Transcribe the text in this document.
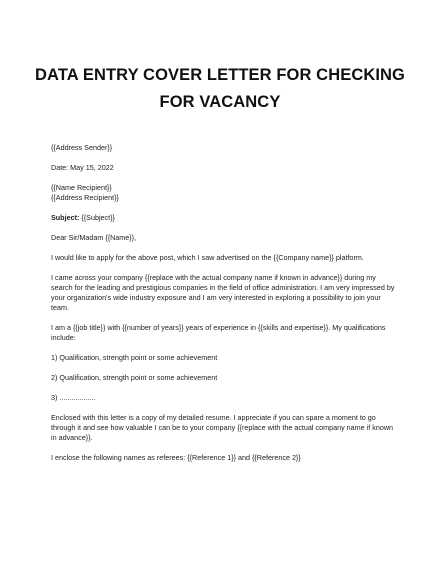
DATA ENTRY COVER LETTER FOR CHECKING FOR VACANCY

{{Address Sender}}

Date: May 15, 2022

{{Name Recipient}}
{{Address Recipient}}

Subject: {{Subject}}

Dear Sir/Madam {{Name}},

I would like to apply for the above post, which I saw advertised on the {{Company name}} platform.

I came across your company {{replace with the actual company name if known in advance}} during my search for the leading and prestigious companies in the field of office administration. I am very impressed by your organization's wide industry exposure and I am very interested in exploring a possibility to join your team.

I am a {{job title}} with {{number of years}} years of experience in {{skills and expertise}}. My qualifications include:

1) Qualification, strength point or some achievement

2) Qualification, strength point or some achievement

3) ..................

Enclosed with this letter is a copy of my detailed resume. I appreciate if you can spare a moment to go through it and see how valuable I can be to your company {{replace with the actual company name if known in advance}}.

I enclose the following names as referees: {{Reference 1}} and {{Reference 2}}
